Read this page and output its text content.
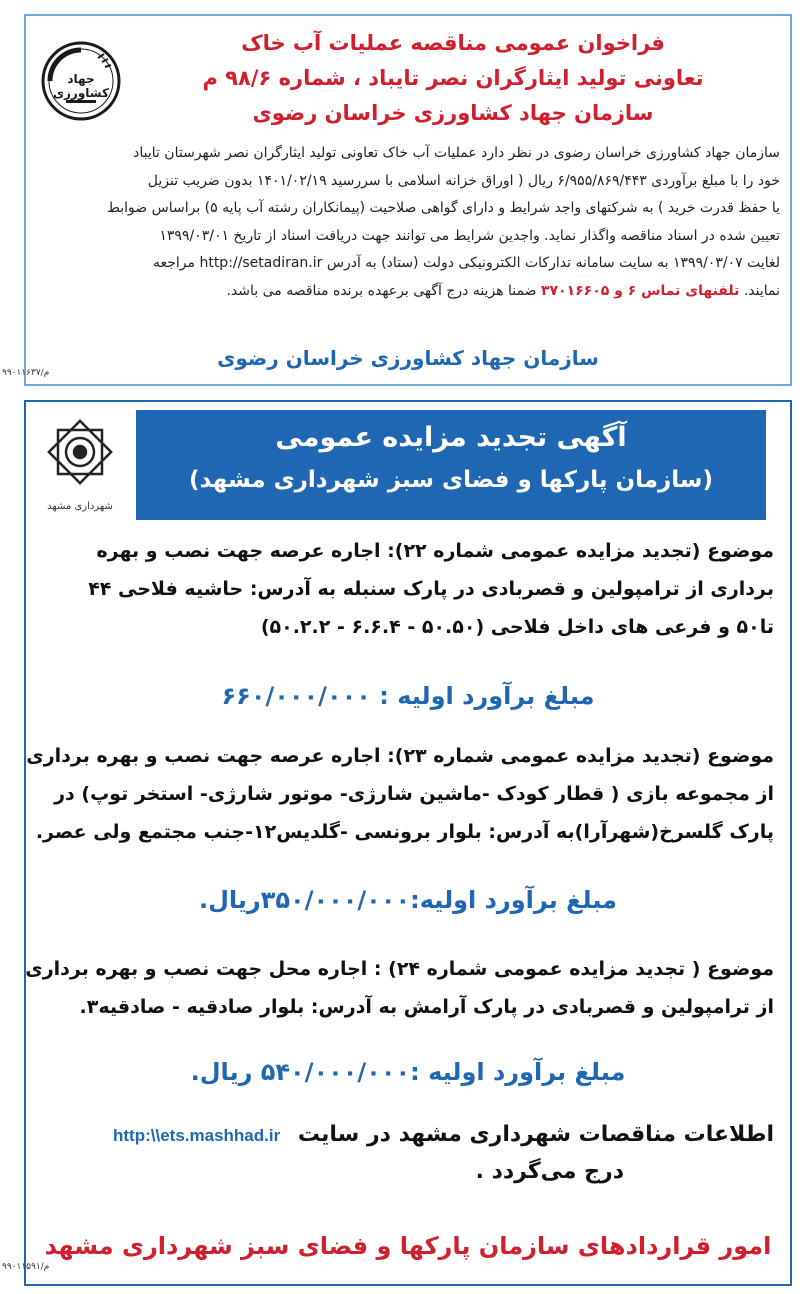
جهاد کشاورزی
فراخوان عمومی مناقصه عملیات آب خاک
تعاونی تولید ایثارگران نصر تایباد ، شماره ۹۸/۶ م
سازمان جهاد کشاورزی خراسان رضوی
سازمان جهاد کشاورزی خراسان رضوی در نظر دارد عملیات آب خاک تعاونی تولید ایثارگران نصر شهرستان تایباد
خود را با مبلغ برآوردی ۶/۹۵۵/۸۶۹/۴۴۳ ریال ( اوراق خزانه اسلامی با سررسید ۱۴۰۱/۰۲/۱۹ بدون ضریب تنزیل
یا حفظ قدرت خرید ) به شرکتهای واجد شرایط و دارای گواهی صلاحیت (پیمانکاران رشته آب پایه ۵) براساس ضوابط
تعیین شده در اسناد مناقصه واگذار نماید. واجدین شرایط می توانند جهت دریافت اسناد از تاریخ ۱۳۹۹/۰۳/۰۱
لغایت ۱۳۹۹/۰۳/۰۷ به سایت سامانه تدارکات الکترونیکی دولت (ستاد) به آدرس http://setadiran.ir مراجعه
نمایند. تلفنهای تماس ۶ و ۳۷۰۱۶۶۰۵ ضمنا هزینه درج آگهی برعهده برنده مناقصه می باشد.
سازمان جهاد کشاورزی خراسان رضوی
م/۹۹۰۱۱۶۳۷
شهرداری مشهد
آگهی تجدید مزایده عمومی
(سازمان پارکها و فضای سبز شهرداری مشهد)
موضوع (تجدید مزایده عمومی شماره ۲۲): اجاره عرصه جهت نصب و بهره
برداری از ترامپولین و قصربادی در پارک سنبله به آدرس: حاشیه فلاحی ۴۴
تا۵۰ و فرعی های داخل فلاحی (۵۰.۵۰ - ۶.۶.۴ - ۵۰.۲.۲)
مبلغ برآورد اولیه : ۶۶۰/۰۰۰/۰۰۰
موضوع (تجدید مزایده عمومی شماره ۲۳): اجاره عرصه جهت نصب و بهره برداری
از مجموعه بازی ( قطار کودک -ماشین شارژی- موتور شارژی- استخر توپ) در
پارک گلسرخ(شهرآرا)به آدرس: بلوار برونسی -گلدیس۱۲-جنب مجتمع ولی عصر.
مبلغ برآورد اولیه:۳۵۰/۰۰۰/۰۰۰ریال.
موضوع ( تجدید مزایده عمومی شماره ۲۴) : اجاره محل جهت نصب و بهره برداری
از ترامپولین و قصربادی در پارک آرامش به آدرس: بلوار صادقیه - صادقیه۳.
مبلغ برآورد اولیه :۵۴۰/۰۰۰/۰۰۰ ریال.
اطلاعات مناقصات شهرداری مشهد در سایت http:\\ets.mashhad.ir
درج می‌گردد .
امور قراردادهای سازمان پارکها و فضای سبز شهرداری مشهد
م/۹۹۰۱۱۵۹۱
